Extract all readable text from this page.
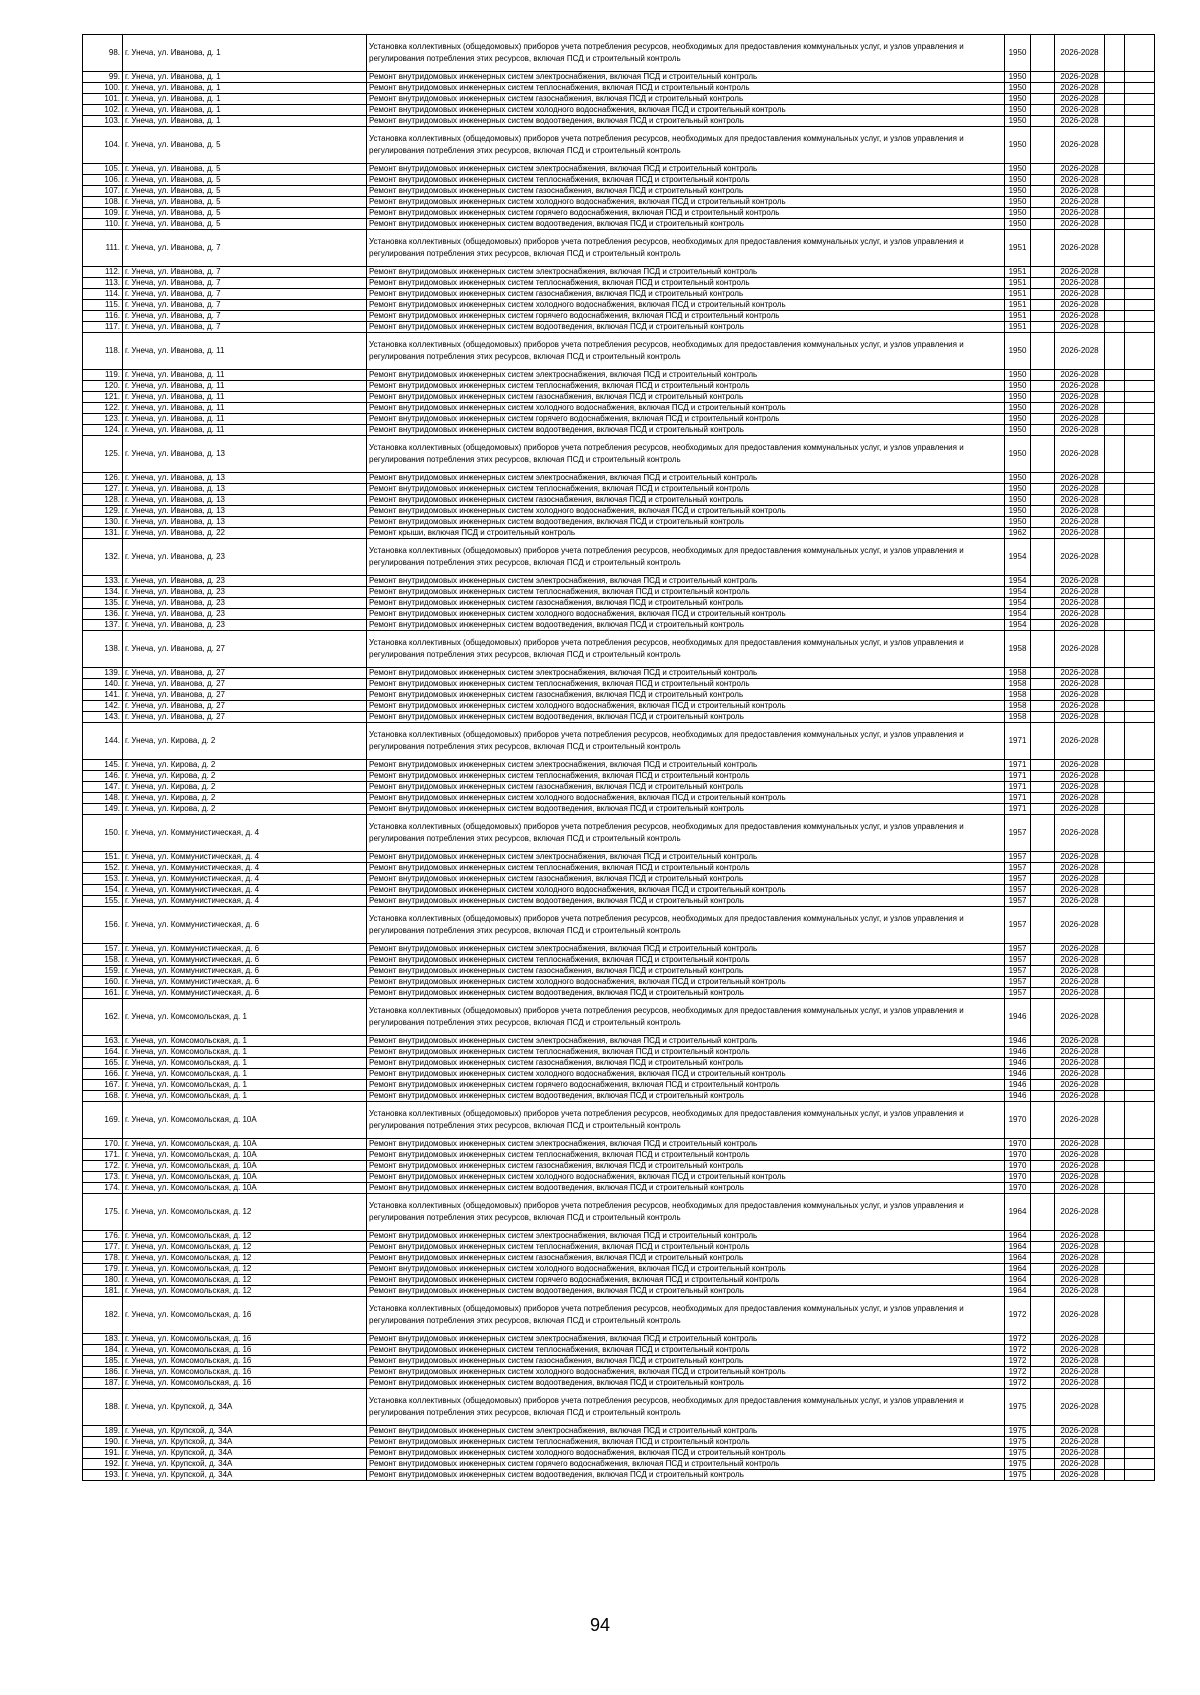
98.	г. Унеча, ул. Иванова, д. 1	Установка коллективных (общедомовых) приборов учета потребления ресурсов, необходимых для предоставления коммунальных услуг, и узлов управления и регулирования потребления этих ресурсов, включая ПСД и строительный контроль	1950		2026-2028		
99.	г. Унеча, ул. Иванова, д. 1	Ремонт внутридомовых инженерных систем электроснабжения, включая ПСД и строительный контроль	1950		2026-2028		
100.	г. Унеча, ул. Иванова, д. 1	Ремонт внутридомовых инженерных систем теплоснабжения, включая ПСД и строительный контроль	1950		2026-2028		
101.	г. Унеча, ул. Иванова, д. 1	Ремонт внутридомовых инженерных систем газоснабжения, включая ПСД и строительный контроль	1950		2026-2028		
102.	г. Унеча, ул. Иванова, д. 1	Ремонт внутридомовых инженерных систем холодного водоснабжения, включая ПСД и строительный контроль	1950		2026-2028		
103.	г. Унеча, ул. Иванова, д. 1	Ремонт внутридомовых инженерных систем водоотведения, включая ПСД и строительный контроль	1950		2026-2028		
104.	г. Унеча, ул. Иванова, д. 5	Установка коллективных (общедомовых) приборов учета потребления ресурсов, необходимых для предоставления коммунальных услуг, и узлов управления и регулирования потребления этих ресурсов, включая ПСД и строительный контроль	1950		2026-2028		
105.	г. Унеча, ул. Иванова, д. 5	Ремонт внутридомовых инженерных систем электроснабжения, включая ПСД и строительный контроль	1950		2026-2028		
106.	г. Унеча, ул. Иванова, д. 5	Ремонт внутридомовых инженерных систем теплоснабжения, включая ПСД и строительный контроль	1950		2026-2028		
107.	г. Унеча, ул. Иванова, д. 5	Ремонт внутридомовых инженерных систем газоснабжения, включая ПСД и строительный контроль	1950		2026-2028		
108.	г. Унеча, ул. Иванова, д. 5	Ремонт внутридомовых инженерных систем холодного водоснабжения, включая ПСД и строительный контроль	1950		2026-2028		
109.	г. Унеча, ул. Иванова, д. 5	Ремонт внутридомовых инженерных систем горячего водоснабжения, включая ПСД и строительный контроль	1950		2026-2028		
110.	г. Унеча, ул. Иванова, д. 5	Ремонт внутридомовых инженерных систем водоотведения, включая ПСД и строительный контроль	1950		2026-2028		
111.	г. Унеча, ул. Иванова, д. 7	Установка коллективных (общедомовых) приборов учета потребления ресурсов, необходимых для предоставления коммунальных услуг, и узлов управления и регулирования потребления этих ресурсов, включая ПСД и строительный контроль	1951		2026-2028		
112.	г. Унеча, ул. Иванова, д. 7	Ремонт внутридомовых инженерных систем электроснабжения, включая ПСД и строительный контроль	1951		2026-2028		
113.	г. Унеча, ул. Иванова, д. 7	Ремонт внутридомовых инженерных систем теплоснабжения, включая ПСД и строительный контроль	1951		2026-2028		
114.	г. Унеча, ул. Иванова, д. 7	Ремонт внутридомовых инженерных систем газоснабжения, включая ПСД и строительный контроль	1951		2026-2028		
115.	г. Унеча, ул. Иванова, д. 7	Ремонт внутридомовых инженерных систем холодного водоснабжения, включая ПСД и строительный контроль	1951		2026-2028		
116.	г. Унеча, ул. Иванова, д. 7	Ремонт внутридомовых инженерных систем горячего водоснабжения, включая ПСД и строительный контроль	1951		2026-2028		
117.	г. Унеча, ул. Иванова, д. 7	Ремонт внутридомовых инженерных систем водоотведения, включая ПСД и строительный контроль	1951		2026-2028		
118.	г. Унеча, ул. Иванова, д. 11	Установка коллективных (общедомовых) приборов учета потребления ресурсов, необходимых для предоставления коммунальных услуг, и узлов управления и регулирования потребления этих ресурсов, включая ПСД и строительный контроль	1950		2026-2028		
119.	г. Унеча, ул. Иванова, д. 11	Ремонт внутридомовых инженерных систем электроснабжения, включая ПСД и строительный контроль	1950		2026-2028		
120.	г. Унеча, ул. Иванова, д. 11	Ремонт внутридомовых инженерных систем теплоснабжения, включая ПСД и строительный контроль	1950		2026-2028		
121.	г. Унеча, ул. Иванова, д. 11	Ремонт внутридомовых инженерных систем газоснабжения, включая ПСД и строительный контроль	1950		2026-2028		
122.	г. Унеча, ул. Иванова, д. 11	Ремонт внутридомовых инженерных систем холодного водоснабжения, включая ПСД и строительный контроль	1950		2026-2028		
123.	г. Унеча, ул. Иванова, д. 11	Ремонт внутридомовых инженерных систем горячего водоснабжения, включая ПСД и строительный контроль	1950		2026-2028		
124.	г. Унеча, ул. Иванова, д. 11	Ремонт внутридомовых инженерных систем водоотведения, включая ПСД и строительный контроль	1950		2026-2028		
125.	г. Унеча, ул. Иванова, д. 13	Установка коллективных (общедомовых) приборов учета потребления ресурсов, необходимых для предоставления коммунальных услуг, и узлов управления и регулирования потребления этих ресурсов, включая ПСД и строительный контроль	1950		2026-2028		
126.	г. Унеча, ул. Иванова, д. 13	Ремонт внутридомовых инженерных систем электроснабжения, включая ПСД и строительный контроль	1950		2026-2028		
127.	г. Унеча, ул. Иванова, д. 13	Ремонт внутридомовых инженерных систем теплоснабжения, включая ПСД и строительный контроль	1950		2026-2028		
128.	г. Унеча, ул. Иванова, д. 13	Ремонт внутридомовых инженерных систем газоснабжения, включая ПСД и строительный контроль	1950		2026-2028		
129.	г. Унеча, ул. Иванова, д. 13	Ремонт внутридомовых инженерных систем холодного водоснабжения, включая ПСД и строительный контроль	1950		2026-2028		
130.	г. Унеча, ул. Иванова, д. 13	Ремонт внутридомовых инженерных систем водоотведения, включая ПСД и строительный контроль	1950		2026-2028		
131.	г. Унеча, ул. Иванова, д. 22	Ремонт крыши, включая ПСД и строительный контроль	1962		2026-2028		
132.	г. Унеча, ул. Иванова, д. 23	Установка коллективных (общедомовых) приборов учета потребления ресурсов, необходимых для предоставления коммунальных услуг, и узлов управления и регулирования потребления этих ресурсов, включая ПСД и строительный контроль	1954		2026-2028		
133.	г. Унеча, ул. Иванова, д. 23	Ремонт внутридомовых инженерных систем электроснабжения, включая ПСД и строительный контроль	1954		2026-2028		
134.	г. Унеча, ул. Иванова, д. 23	Ремонт внутридомовых инженерных систем теплоснабжения, включая ПСД и строительный контроль	1954		2026-2028		
135.	г. Унеча, ул. Иванова, д. 23	Ремонт внутридомовых инженерных систем газоснабжения, включая ПСД и строительный контроль	1954		2026-2028		
136.	г. Унеча, ул. Иванова, д. 23	Ремонт внутридомовых инженерных систем холодного водоснабжения, включая ПСД и строительный контроль	1954		2026-2028		
137.	г. Унеча, ул. Иванова, д. 23	Ремонт внутридомовых инженерных систем водоотведения, включая ПСД и строительный контроль	1954		2026-2028		
138.	г. Унеча, ул. Иванова, д. 27	Установка коллективных (общедомовых) приборов учета потребления ресурсов, необходимых для предоставления коммунальных услуг, и узлов управления и регулирования потребления этих ресурсов, включая ПСД и строительный контроль	1958		2026-2028		
139.	г. Унеча, ул. Иванова, д. 27	Ремонт внутридомовых инженерных систем электроснабжения, включая ПСД и строительный контроль	1958		2026-2028		
140.	г. Унеча, ул. Иванова, д. 27	Ремонт внутридомовых инженерных систем теплоснабжения, включая ПСД и строительный контроль	1958		2026-2028		
141.	г. Унеча, ул. Иванова, д. 27	Ремонт внутридомовых инженерных систем газоснабжения, включая ПСД и строительный контроль	1958		2026-2028		
142.	г. Унеча, ул. Иванова, д. 27	Ремонт внутридомовых инженерных систем холодного водоснабжения, включая ПСД и строительный контроль	1958		2026-2028		
143.	г. Унеча, ул. Иванова, д. 27	Ремонт внутридомовых инженерных систем водоотведения, включая ПСД и строительный контроль	1958		2026-2028		
144.	г. Унеча, ул. Кирова, д. 2	Установка коллективных (общедомовых) приборов учета потребления ресурсов, необходимых для предоставления коммунальных услуг, и узлов управления и регулирования потребления этих ресурсов, включая ПСД и строительный контроль	1971		2026-2028		
145.	г. Унеча, ул. Кирова, д. 2	Ремонт внутридомовых инженерных систем электроснабжения, включая ПСД и строительный контроль	1971		2026-2028		
146.	г. Унеча, ул. Кирова, д. 2	Ремонт внутридомовых инженерных систем теплоснабжения, включая ПСД и строительный контроль	1971		2026-2028		
147.	г. Унеча, ул. Кирова, д. 2	Ремонт внутридомовых инженерных систем газоснабжения, включая ПСД и строительный контроль	1971		2026-2028		
148.	г. Унеча, ул. Кирова, д. 2	Ремонт внутридомовых инженерных систем холодного водоснабжения, включая ПСД и строительный контроль	1971		2026-2028		
149.	г. Унеча, ул. Кирова, д. 2	Ремонт внутридомовых инженерных систем водоотведения, включая ПСД и строительный контроль	1971		2026-2028		
150.	г. Унеча, ул. Коммунистическая, д. 4	Установка коллективных (общедомовых) приборов учета потребления ресурсов, необходимых для предоставления коммунальных услуг, и узлов управления и регулирования потребления этих ресурсов, включая ПСД и строительный контроль	1957		2026-2028		
151.	г. Унеча, ул. Коммунистическая, д. 4	Ремонт внутридомовых инженерных систем электроснабжения, включая ПСД и строительный контроль	1957		2026-2028		
152.	г. Унеча, ул. Коммунистическая, д. 4	Ремонт внутридомовых инженерных систем теплоснабжения, включая ПСД и строительный контроль	1957		2026-2028		
153.	г. Унеча, ул. Коммунистическая, д. 4	Ремонт внутридомовых инженерных систем газоснабжения, включая ПСД и строительный контроль	1957		2026-2028		
154.	г. Унеча, ул. Коммунистическая, д. 4	Ремонт внутридомовых инженерных систем холодного водоснабжения, включая ПСД и строительный контроль	1957		2026-2028		
155.	г. Унеча, ул. Коммунистическая, д. 4	Ремонт внутридомовых инженерных систем водоотведения, включая ПСД и строительный контроль	1957		2026-2028		
156.	г. Унеча, ул. Коммунистическая, д. 6	Установка коллективных (общедомовых) приборов учета потребления ресурсов, необходимых для предоставления коммунальных услуг, и узлов управления и регулирования потребления этих ресурсов, включая ПСД и строительный контроль	1957		2026-2028		
157.	г. Унеча, ул. Коммунистическая, д. 6	Ремонт внутридомовых инженерных систем электроснабжения, включая ПСД и строительный контроль	1957		2026-2028		
158.	г. Унеча, ул. Коммунистическая, д. 6	Ремонт внутридомовых инженерных систем теплоснабжения, включая ПСД и строительный контроль	1957		2026-2028		
159.	г. Унеча, ул. Коммунистическая, д. 6	Ремонт внутридомовых инженерных систем газоснабжения, включая ПСД и строительный контроль	1957		2026-2028		
160.	г. Унеча, ул. Коммунистическая, д. 6	Ремонт внутридомовых инженерных систем холодного водоснабжения, включая ПСД и строительный контроль	1957		2026-2028		
161.	г. Унеча, ул. Коммунистическая, д. 6	Ремонт внутридомовых инженерных систем водоотведения, включая ПСД и строительный контроль	1957		2026-2028		
162.	г. Унеча, ул. Комсомольская, д. 1	Установка коллективных (общедомовых) приборов учета потребления ресурсов, необходимых для предоставления коммунальных услуг, и узлов управления и регулирования потребления этих ресурсов, включая ПСД и строительный контроль	1946		2026-2028		
163.	г. Унеча, ул. Комсомольская, д. 1	Ремонт внутридомовых инженерных систем электроснабжения, включая ПСД и строительный контроль	1946		2026-2028		
164.	г. Унеча, ул. Комсомольская, д. 1	Ремонт внутридомовых инженерных систем теплоснабжения, включая ПСД и строительный контроль	1946		2026-2028		
165.	г. Унеча, ул. Комсомольская, д. 1	Ремонт внутридомовых инженерных систем газоснабжения, включая ПСД и строительный контроль	1946		2026-2028		
166.	г. Унеча, ул. Комсомольская, д. 1	Ремонт внутридомовых инженерных систем холодного водоснабжения, включая ПСД и строительный контроль	1946		2026-2028		
167.	г. Унеча, ул. Комсомольская, д. 1	Ремонт внутридомовых инженерных систем горячего водоснабжения, включая ПСД и строительный контроль	1946		2026-2028		
168.	г. Унеча, ул. Комсомольская, д. 1	Ремонт внутридомовых инженерных систем водоотведения, включая ПСД и строительный контроль	1946		2026-2028		
169.	г. Унеча, ул. Комсомольская, д. 10А	Установка коллективных (общедомовых) приборов учета потребления ресурсов, необходимых для предоставления коммунальных услуг, и узлов управления и регулирования потребления этих ресурсов, включая ПСД и строительный контроль	1970		2026-2028		
170.	г. Унеча, ул. Комсомольская, д. 10А	Ремонт внутридомовых инженерных систем электроснабжения, включая ПСД и строительный контроль	1970		2026-2028		
171.	г. Унеча, ул. Комсомольская, д. 10А	Ремонт внутридомовых инженерных систем теплоснабжения, включая ПСД и строительный контроль	1970		2026-2028		
172.	г. Унеча, ул. Комсомольская, д. 10А	Ремонт внутридомовых инженерных систем газоснабжения, включая ПСД и строительный контроль	1970		2026-2028		
173.	г. Унеча, ул. Комсомольская, д. 10А	Ремонт внутридомовых инженерных систем холодного водоснабжения, включая ПСД и строительный контроль	1970		2026-2028		
174.	г. Унеча, ул. Комсомольская, д. 10А	Ремонт внутридомовых инженерных систем водоотведения, включая ПСД и строительный контроль	1970		2026-2028		
175.	г. Унеча, ул. Комсомольская, д. 12	Установка коллективных (общедомовых) приборов учета потребления ресурсов, необходимых для предоставления коммунальных услуг, и узлов управления и регулирования потребления этих ресурсов, включая ПСД и строительный контроль	1964		2026-2028		
176.	г. Унеча, ул. Комсомольская, д. 12	Ремонт внутридомовых инженерных систем электроснабжения, включая ПСД и строительный контроль	1964		2026-2028		
177.	г. Унеча, ул. Комсомольская, д. 12	Ремонт внутридомовых инженерных систем теплоснабжения, включая ПСД и строительный контроль	1964		2026-2028		
178.	г. Унеча, ул. Комсомольская, д. 12	Ремонт внутридомовых инженерных систем газоснабжения, включая ПСД и строительный контроль	1964		2026-2028		
179.	г. Унеча, ул. Комсомольская, д. 12	Ремонт внутридомовых инженерных систем холодного водоснабжения, включая ПСД и строительный контроль	1964		2026-2028		
180.	г. Унеча, ул. Комсомольская, д. 12	Ремонт внутридомовых инженерных систем горячего водоснабжения, включая ПСД и строительный контроль	1964		2026-2028		
181.	г. Унеча, ул. Комсомольская, д. 12	Ремонт внутридомовых инженерных систем водоотведения, включая ПСД и строительный контроль	1964		2026-2028		
182.	г. Унеча, ул. Комсомольская, д. 16	Установка коллективных (общедомовых) приборов учета потребления ресурсов, необходимых для предоставления коммунальных услуг, и узлов управления и регулирования потребления этих ресурсов, включая ПСД и строительный контроль	1972		2026-2028		
183.	г. Унеча, ул. Комсомольская, д. 16	Ремонт внутридомовых инженерных систем электроснабжения, включая ПСД и строительный контроль	1972		2026-2028		
184.	г. Унеча, ул. Комсомольская, д. 16	Ремонт внутридомовых инженерных систем теплоснабжения, включая ПСД и строительный контроль	1972		2026-2028		
185.	г. Унеча, ул. Комсомольская, д. 16	Ремонт внутридомовых инженерных систем газоснабжения, включая ПСД и строительный контроль	1972		2026-2028		
186.	г. Унеча, ул. Комсомольская, д. 16	Ремонт внутридомовых инженерных систем холодного водоснабжения, включая ПСД и строительный контроль	1972		2026-2028		
187.	г. Унеча, ул. Комсомольская, д. 16	Ремонт внутридомовых инженерных систем водоотведения, включая ПСД и строительный контроль	1972		2026-2028		
188.	г. Унеча, ул. Крупской, д. 34А	Установка коллективных (общедомовых) приборов учета потребления ресурсов, необходимых для предоставления коммунальных услуг, и узлов управления и регулирования потребления этих ресурсов, включая ПСД и строительный контроль	1975		2026-2028		
189.	г. Унеча, ул. Крупской, д. 34А	Ремонт внутридомовых инженерных систем электроснабжения, включая ПСД и строительный контроль	1975		2026-2028		
190.	г. Унеча, ул. Крупской, д. 34А	Ремонт внутридомовых инженерных систем теплоснабжения, включая ПСД и строительный контроль	1975		2026-2028		
191.	г. Унеча, ул. Крупской, д. 34А	Ремонт внутридомовых инженерных систем холодного водоснабжения, включая ПСД и строительный контроль	1975		2026-2028		
192.	г. Унеча, ул. Крупской, д. 34А	Ремонт внутридомовых инженерных систем горячего водоснабжения, включая ПСД и строительный контроль	1975		2026-2028		
193.	г. Унеча, ул. Крупской, д. 34А	Ремонт внутридомовых инженерных систем водоотведения, включая ПСД и строительный контроль	1975		2026-2028		
94
